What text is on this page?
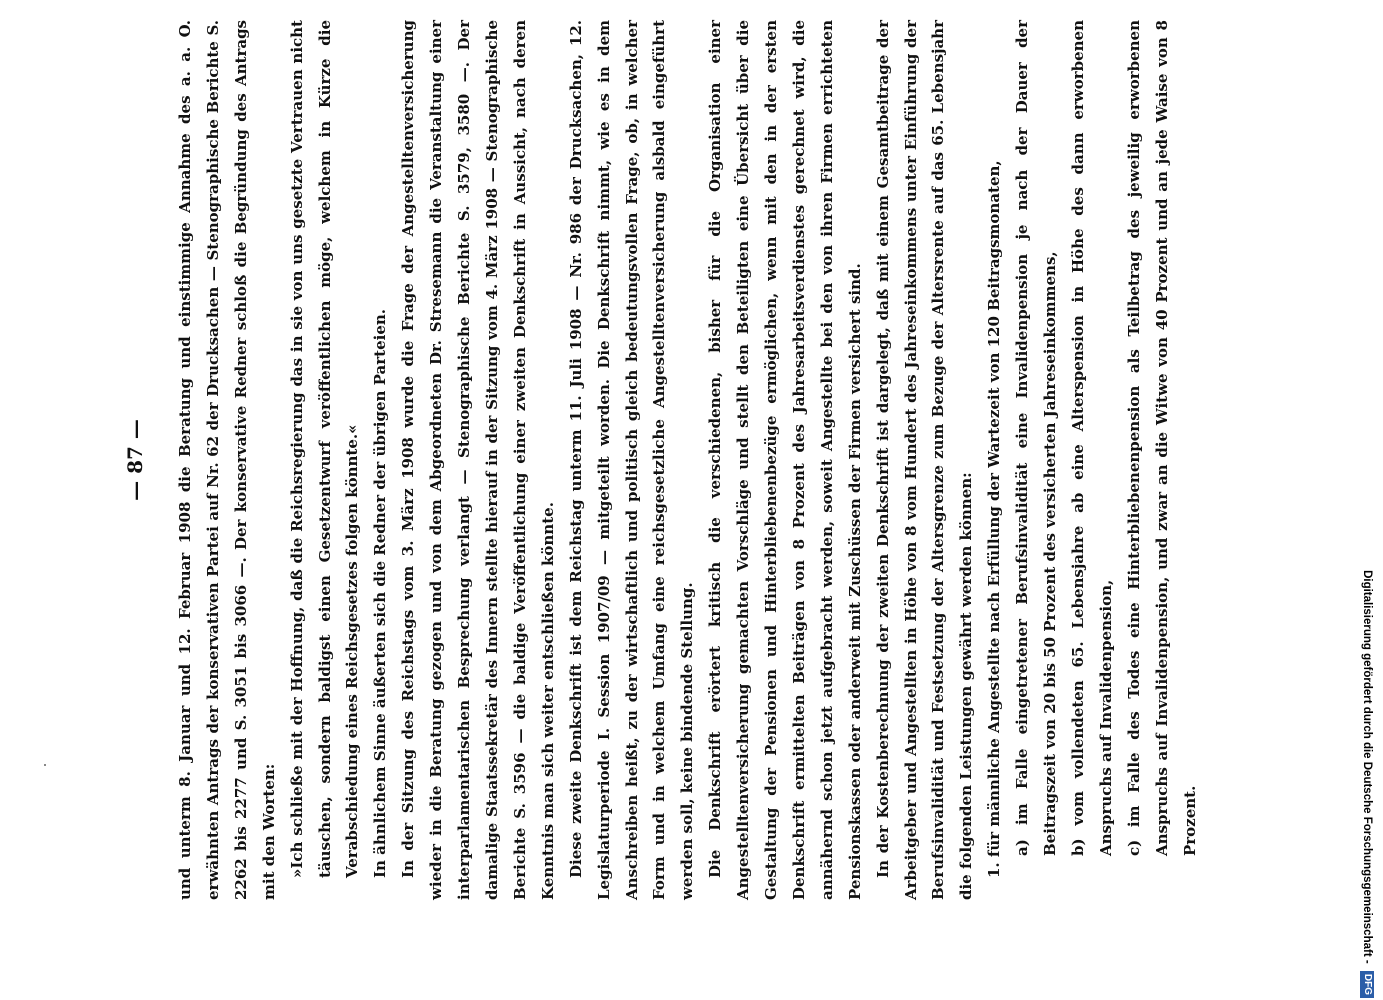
— 87 — und unterm 8. Januar und 12. Februar 1908 die Beratung und einstimmige Annahme des a. a. O. erwähnten Antrags der konservativen Partei auf Nr. 62 der Drucksachen — Stenographische Berichte S. 2262 bis 2277 und S. 3051 bis 3066 —. Der konservative Redner schloß die Begründung des Antrags mit den Worten: »Ich schließe mit der Hoffnung, daß die Reichsregierung das in sie von uns gesetzte Vertrauen nicht täuschen, sondern baldigst einen Gesetzentwurf veröffentlichen möge, welchem in Kürze die Verabschiedung eines Reichsgesetzes folgen könnte.« In ähnlichem Sinne äußerten sich die Redner der übrigen Parteien. In der Sitzung des Reichstags vom 3. März 1908 wurde die Frage der Angestelltenversicherung wieder in die Beratung gezogen und von dem Abgeordneten Dr. Stresemann die Veranstaltung einer interparlamentarischen Besprechung verlangt — Stenographische Berichte S. 3579, 3580 —. Der damalige Staatssekretär des Innern stellte hierauf in der Sitzung vom 4. März 1908 — Stenographische Berichte S. 3596 — die baldige Veröffentlichung einer zweiten Denkschrift in Aussicht, nach deren Kenntnis man sich weiter entschließen könnte. Diese zweite Denkschrift ist dem Reichstag unterm 11. Juli 1908 — Nr. 986 der Drucksachen, 12. Legislaturperiode I. Session 1907/09 — mitgeteilt worden. Die Denkschrift nimmt, wie es in dem Anschreiben heißt, zu der wirtschaftlich und politisch gleich bedeutungsvollen Frage, ob, in welcher Form und in welchem Umfang eine reichsgesetzliche Angestelltenversicherung alsbald eingeführt werden soll, keine bindende Stellung. Die Denkschrift erörtert kritisch die verschiedenen, bisher für die Organisation einer Angestelltenversicherung gemachten Vorschläge und stellt den Beteiligten eine Übersicht über die Gestaltung der Pensionen und Hinterbliebenenbezüge ermöglichen, wenn mit den in der ersten Denkschrift ermittelten Beiträgen von 8 Prozent des Jahresarbeitsverdienstes gerechnet wird, die annähernd schon jetzt aufgebracht werden, soweit Angestellte bei den von ihren Firmen errichteten Pensionskassen oder anderweit mit Zuschüssen der Firmen versichert sind. In der Kostenberechnung der zweiten Denkschrift ist dargelegt, daß mit einem Gesamtbeitrage der Arbeitgeber und Angestellten in Höhe von 8 vom Hundert des Jahreseinkommens unter Einführung der Berufsinvalidität und Festsetzung der Altersgrenze zum Bezuge der Altersrente auf das 65. Lebensjahr die folgenden Leistungen gewährt werden können: 1. für männliche Angestellte nach Erfüllung der Wartezeit von 120 Beitragsmonaten, a) im Falle eingetretener Berufsinvalidität eine Invalidenpension je nach der Dauer der Beitragszeit von 20 bis 50 Prozent des versicherten Jahreseinkommens, b) vom vollendeten 65. Lebensjahre ab eine Alterspension in Höhe des dann erworbenen Anspruchs auf Invalidenpension, c) im Falle des Todes eine Hinterbliebenenpension als Teilbetrag des jeweilig erworbenen Anspruchs auf Invalidenpension, und zwar an die Witwe von 40 Prozent und an jede Waise von 8 Prozent.	Digitalisierung gefördert durch die Deutsche Forschungsgemeinschaft - DFG
